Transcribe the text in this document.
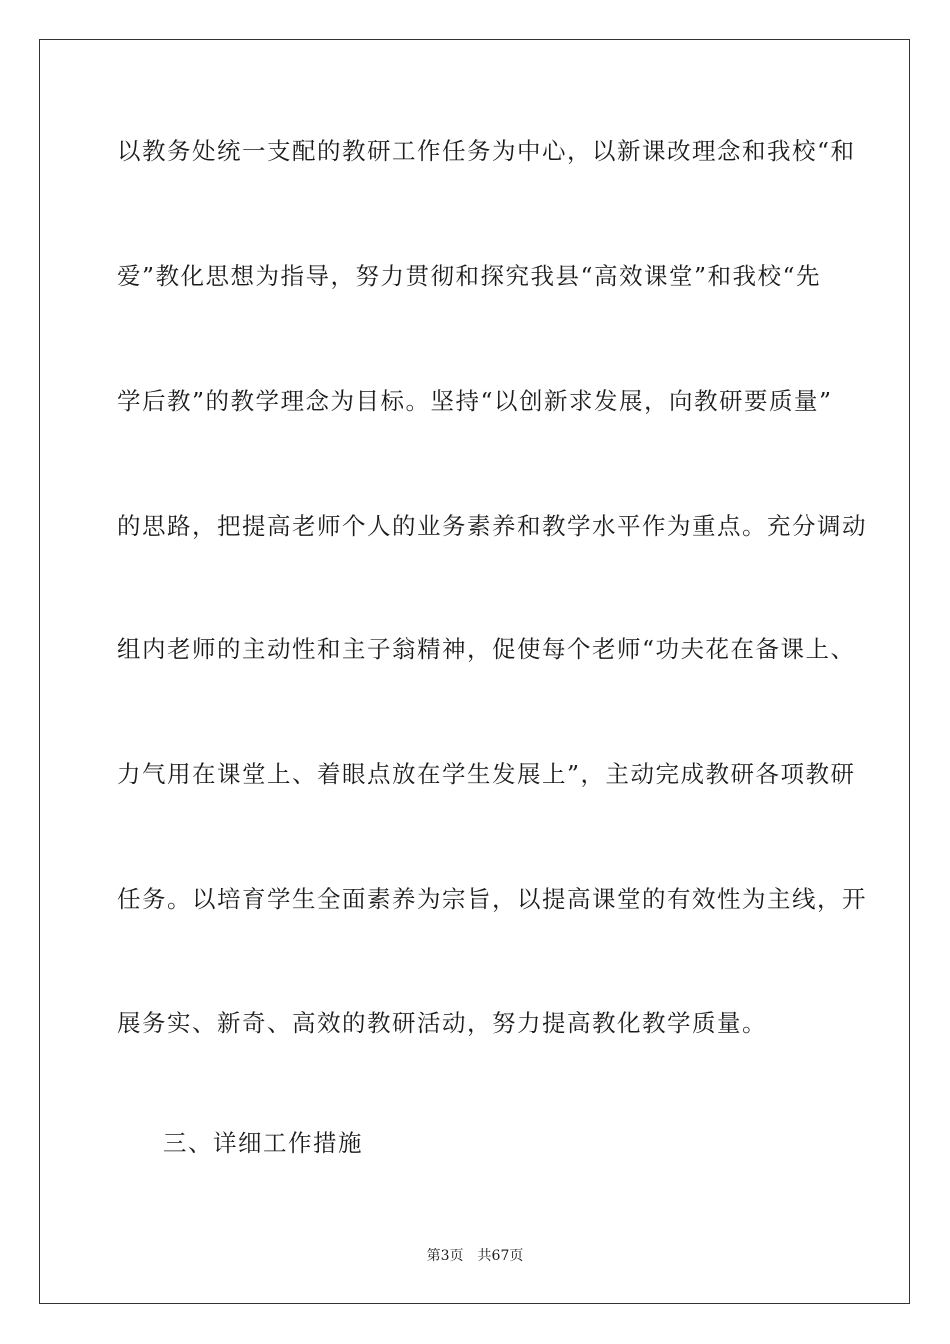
以教务处统一支配的教研工作任务为中心，以新课改理念和我校“和
爱”教化思想为指导，努力贯彻和探究我县“高效课堂”和我校“先
学后教”的教学理念为目标。坚持“以创新求发展，向教研要质量”
的思路，把提高老师个人的业务素养和教学水平作为重点。充分调动
组内老师的主动性和主子翁精神，促使每个老师“功夫花在备课上、
力气用在课堂上、着眼点放在学生发展上”，主动完成教研各项教研
任务。以培育学生全面素养为宗旨，以提高课堂的有效性为主线，开
展务实、新奇、高效的教研活动，努力提高教化教学质量。
三、详细工作措施
第3页 共67页
